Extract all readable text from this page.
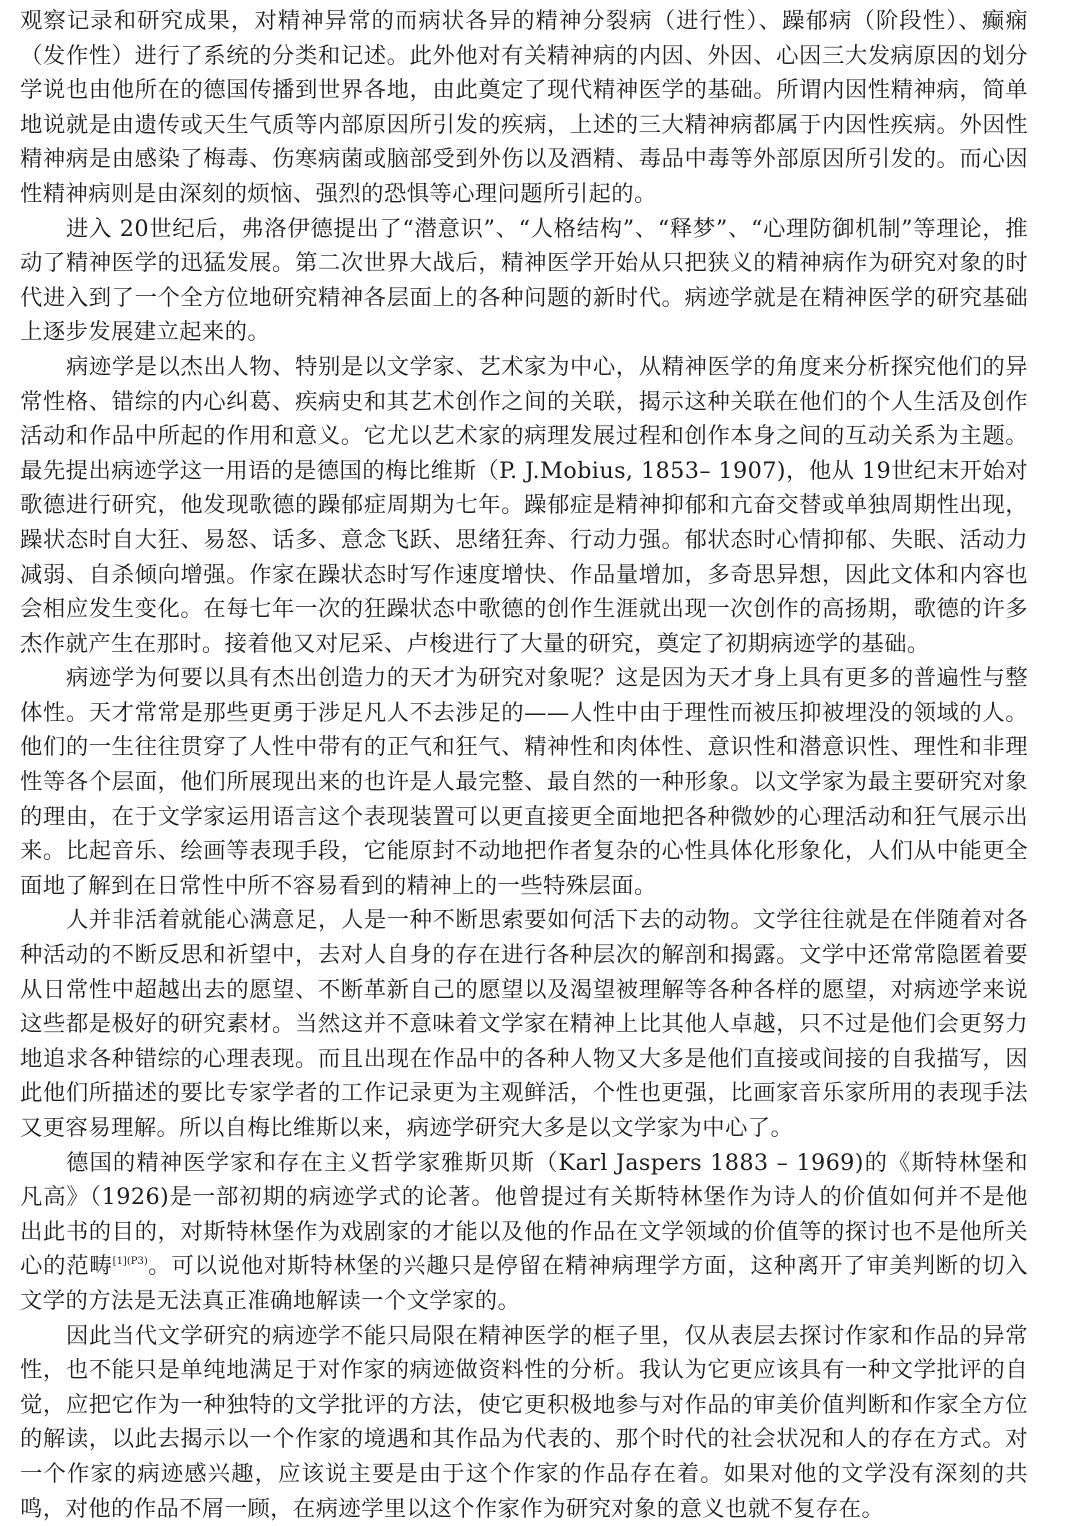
观察记录和研究成果，对精神异常的而病状各异的精神分裂病（进行性）、躁郁病（阶段性）、癫痫（发作性）进行了系统的分类和记述。此外他对有关精神病的内因、外因、心因三大发病原因的划分学说也由他所在的德国传播到世界各地，由此奠定了现代精神医学的基础。所谓内因性精神病，简单地说就是由遗传或天生气质等内部原因所引发的疾病，上述的三大精神病都属于内因性疾病。外因性精神病是由感染了梅毒、伤寒病菌或脑部受到外伤以及酒精、毒品中毒等外部原因所引发的。而心因性精神病则是由深刻的烦恼、强烈的恐惧等心理问题所引起的。

进入 20世纪后，弗洛伊德提出了“潜意识”、“人格结构”、“释梦”、“心理防御机制”等理论，推动了精神医学的迅猛发展。第二次世界大战后，精神医学开始从只把狭义的精神病作为研究对象的时代进入到了一个全方位地研究精神各层面上的各种问题的新时代。病迹学就是在精神医学的研究基础上逐步发展建立起来的。

病迹学是以杰出人物、特别是以文学家、艺术家为中心，从精神医学的角度来分析探究他们的异常性格、错综的内心纠葛、疾病史和其艺术创作之间的关联，揭示这种关联在他们的个人生活及创作活动和作品中所起的作用和意义。它尤以艺术家的病理发展过程和创作本身之间的互动关系为主题。最先提出病迹学这一用语的是德国的梅比维斯（P. J.Mobius, 1853– 1907)，他从 19世纪末开始对歌德进行研究，他发现歌德的躁郁症周期为七年。躁郁症是精神抑郁和亢奋交替或单独周期性出现，躁状态时自大狂、易怒、话多、意念飞跃、思绪狂奔、行动力强。郁状态时心情抑郁、失眠、活动力减弱、自杀倾向增强。作家在躁状态时写作速度增快、作品量增加，多奇思异想，因此文体和内容也会相应发生变化。在每七年一次的狂躁状态中歌德的创作生涯就出现一次创作的高扬期，歌德的许多杰作就产生在那时。接着他又对尼采、卢梭进行了大量的研究，奠定了初期病迹学的基础。

病迹学为何要以具有杰出创造力的天才为研究对象呢？这是因为天才身上具有更多的普遍性与整体性。天才常常是那些更勇于涉足凡人不去涉足的——人性中由于理性而被压抑被埋没的领域的人。他们的一生往往贯穿了人性中带有的正气和狂气、精神性和肉体性、意识性和潜意识性、理性和非理性等各个层面，他们所展现出来的也许是人最完整、最自然的一种形象。以文学家为最主要研究对象的理由，在于文学家运用语言这个表现装置可以更直接更全面地把各种微妙的心理活动和狂气展示出来。比起音乐、绘画等表现手段，它能原封不动地把作者复杂的心性具体化形象化，人们从中能更全面地了解到在日常性中所不容易看到的精神上的一些特殊层面。

人并非活着就能心满意足，人是一种不断思索要如何活下去的动物。文学往往就是在伴随着对各种活动的不断反思和祈望中，去对人自身的存在进行各种层次的解剖和揭露。文学中还常常隐匿着要从日常性中超越出去的愿望、不断革新自己的愿望以及渴望被理解等各种各样的愿望，对病迹学来说这些都是极好的研究素材。当然这并不意味着文学家在精神上比其他人卓越，只不过是他们会更努力地追求各种错综的心理表现。而且出现在作品中的各种人物又大多是他们直接或间接的自我描写，因此他们所描述的要比专家学者的工作记录更为主观鲜活，个性也更强，比画家音乐家所用的表现手法又更容易理解。所以自梅比维斯以来，病迹学研究大多是以文学家为中心了。

德国的精神医学家和存在主义哲学家雅斯贝斯（Karl Jaspers 1883 – 1969)的《斯特林堡和凡高》（1926)是一部初期的病迹学式的论著。他曾提过有关斯特林堡作为诗人的价值如何并不是他出此书的目的，对斯特林堡作为戏剧家的才能以及他的作品在文学领域的价值等的探讨也不是他所关心的范畴$^{[1](P3)}$。可以说他对斯特林堡的兴趣只是停留在精神病理学方面，这种离开了审美判断的切入文学的方法是无法真正准确地解读一个文学家的。

因此当代文学研究的病迹学不能只局限在精神医学的框子里，仅从表层去探讨作家和作品的异常性，也不能只是单纯地满足于对作家的病迹做资料性的分析。我认为它更应该具有一种文学批评的自觉，应把它作为一种独特的文学批评的方法，使它更积极地参与对作品的审美价值判断和作家全方位的解读，以此去揭示以一个作家的境遇和其作品为代表的、那个时代的社会状况和人的存在方式。对一个作家的病迹感兴趣，应该说主要是由于这个作家的作品存在着。如果对他的文学没有深刻的共鸣，对他的作品不屑一顾，在病迹学里以这个作家作为研究对象的意义也就不复存在。
